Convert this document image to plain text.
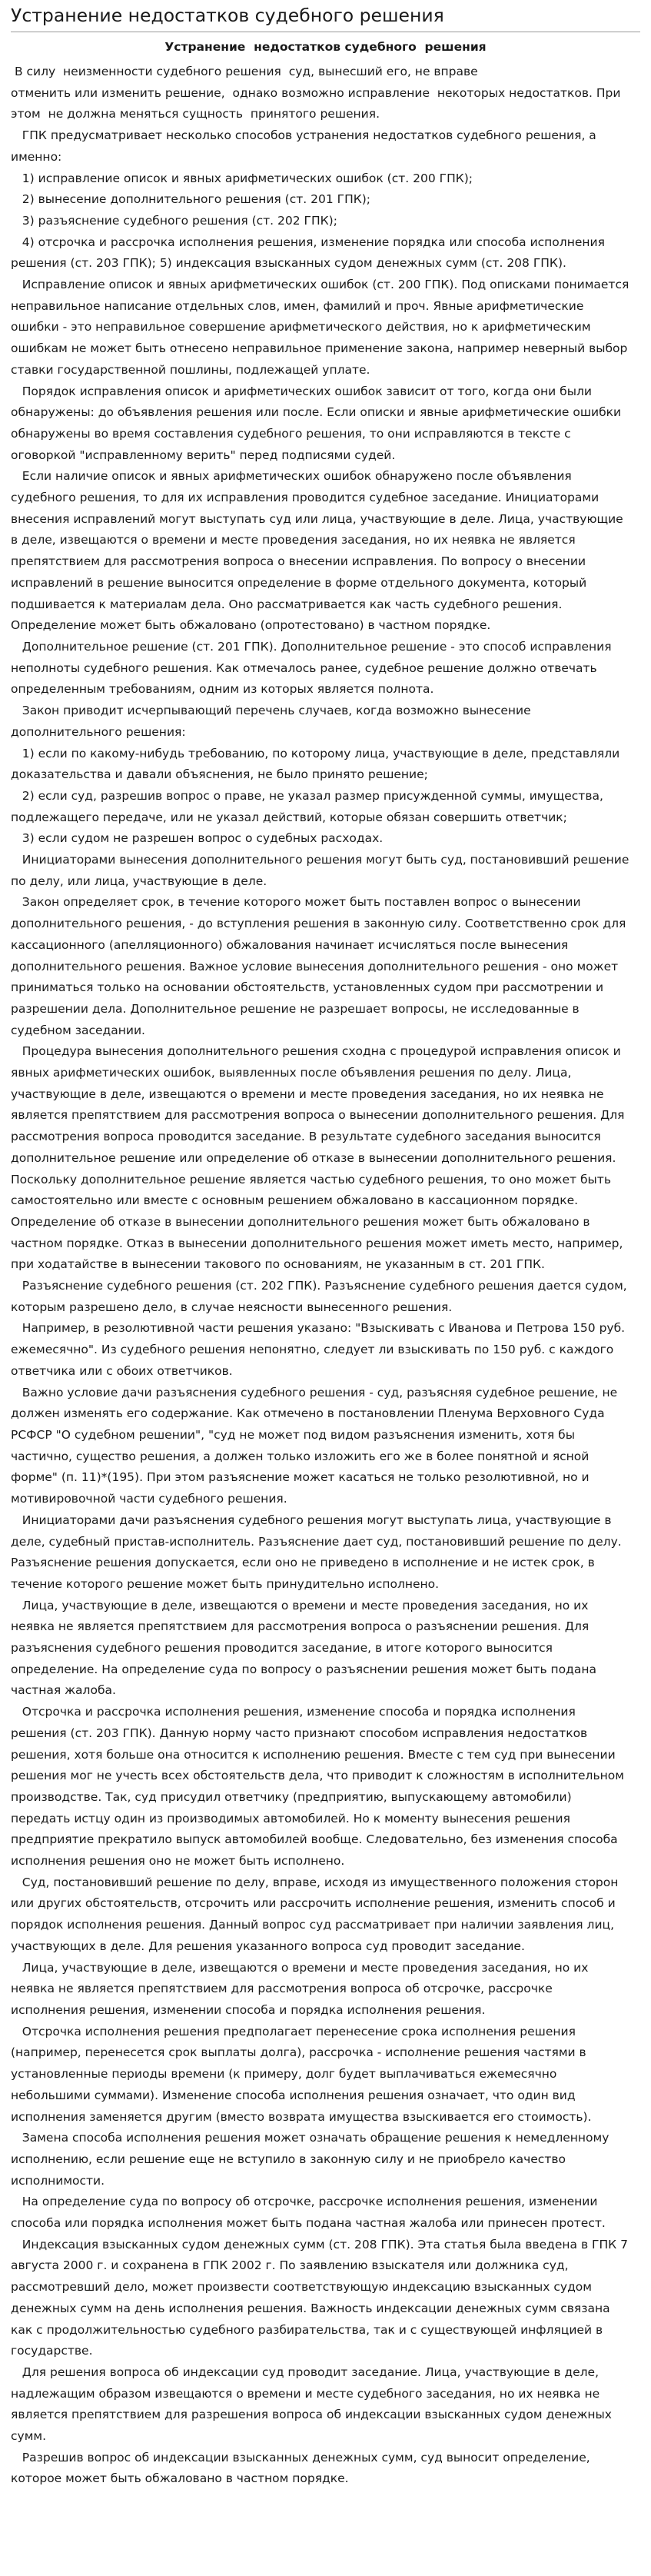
Устранение недостатков судебного решения
Устранение  недостатков судебного  решения

В силу  неизменности судебного решения  суд, вынесший его, не вправе
отменить или изменить решение,  однако возможно исправление  некоторых недостатков. При
этом  не должна меняться сущность  принятого решения.

ГПК предусматривает несколько способов устранения недостатков судебного решения, а
именно:

1) исправление описок и явных арифметических ошибок (ст. 200 ГПК);

2) вынесение дополнительного решения (ст. 201 ГПК);

3) разъяснение судебного решения (ст. 202 ГПК);

4) отсрочка и рассрочка исполнения решения, изменение порядка или способа исполнения
решения (ст. 203 ГПК); 5) индексация взысканных судом денежных сумм (ст. 208 ГПК).

Исправление описок и явных арифметических ошибок (ст. 200 ГПК). Под описками понимается
неправильное написание отдельных слов, имен, фамилий и проч. Явные арифметические
ошибки - это неправильное совершение арифметического действия, но к арифметическим
ошибкам не может быть отнесено неправильное применение закона, например неверный выбор
ставки государственной пошлины, подлежащей уплате.

Порядок исправления описок и арифметических ошибок зависит от того, когда они были
обнаружены: до объявления решения или после. Если описки и явные арифметические ошибки
обнаружены во время составления судебного решения, то они исправляются в тексте с
оговоркой "исправленному верить" перед подписями судей.

Если наличие описок и явных арифметических ошибок обнаружено после объявления
судебного решения, то для их исправления проводится судебное заседание. Инициаторами
внесения исправлений могут выступать суд или лица, участвующие в деле. Лица, участвующие
в деле, извещаются о времени и месте проведения заседания, но их неявка не является
препятствием для рассмотрения вопроса о внесении исправления. По вопросу о внесении
исправлений в решение выносится определение в форме отдельного документа, который
подшивается к материалам дела. Оно рассматривается как часть судебного решения.
Определение может быть обжаловано (опротестовано) в частном порядке.

Дополнительное решение (ст. 201 ГПК). Дополнительное решение - это способ исправления
неполноты судебного решения. Как отмечалось ранее, судебное решение должно отвечать
определенным требованиям, одним из которых является полнота.

Закон приводит исчерпывающий перечень случаев, когда возможно вынесение
дополнительного решения:

1) если по какому-нибудь требованию, по которому лица, участвующие в деле, представляли
доказательства и давали объяснения, не было принято решение;

2) если суд, разрешив вопрос о праве, не указал размер присужденной суммы, имущества,
подлежащего передаче, или не указал действий, которые обязан совершить ответчик;

3) если судом не разрешен вопрос о судебных расходах.

Инициаторами вынесения дополнительного решения могут быть суд, постановивший решение
по делу, или лица, участвующие в деле.

Закон определяет срок, в течение которого может быть поставлен вопрос о вынесении
дополнительного решения, - до вступления решения в законную силу. Соответственно срок для
кассационного (апелляционного) обжалования начинает исчисляться после вынесения
дополнительного решения. Важное условие вынесения дополнительного решения - оно может
приниматься только на основании обстоятельств, установленных судом при рассмотрении и
разрешении дела. Дополнительное решение не разрешает вопросы, не исследованные в
судебном заседании.

Процедура вынесения дополнительного решения сходна с процедурой исправления описок и
явных арифметических ошибок, выявленных после объявления решения по делу. Лица,
участвующие в деле, извещаются о времени и месте проведения заседания, но их неявка не
является препятствием для рассмотрения вопроса о вынесении дополнительного решения. Для
рассмотрения вопроса проводится заседание. В результате судебного заседания выносится
дополнительное решение или определение об отказе в вынесении дополнительного решения.
Поскольку дополнительное решение является частью судебного решения, то оно может быть
самостоятельно или вместе с основным решением обжаловано в кассационном порядке.
Определение об отказе в вынесении дополнительного решения может быть обжаловано в
частном порядке. Отказ в вынесении дополнительного решения может иметь место, например,
при ходатайстве в вынесении такового по основаниям, не указанным в ст. 201 ГПК.

Разъяснение судебного решения (ст. 202 ГПК). Разъяснение судебного решения дается судом,
которым разрешено дело, в случае неясности вынесенного решения.

Например, в резолютивной части решения указано: "Взыскивать с Иванова и Петрова 150 руб.
ежемесячно". Из судебного решения непонятно, следует ли взыскивать по 150 руб. с каждого
ответчика или с обоих ответчиков.

Важно условие дачи разъяснения судебного решения - суд, разъясняя судебное решение, не
должен изменять его содержание. Как отмечено в постановлении Пленума Верховного Суда
РСФСР "О судебном решении", "суд не может под видом разъяснения изменить, хотя бы
частично, существо решения, а должен только изложить его же в более понятной и ясной
форме" (п. 11)*(195). При этом разъяснение может касаться не только резолютивной, но и
мотивировочной части судебного решения.

Инициаторами дачи разъяснения судебного решения могут выступать лица, участвующие в
деле, судебный пристав-исполнитель. Разъяснение дает суд, постановивший решение по делу.
Разъяснение решения допускается, если оно не приведено в исполнение и не истек срок, в
течение которого решение может быть принудительно исполнено.

Лица, участвующие в деле, извещаются о времени и месте проведения заседания, но их
неявка не является препятствием для рассмотрения вопроса о разъяснении решения. Для
разъяснения судебного решения проводится заседание, в итоге которого выносится
определение. На определение суда по вопросу о разъяснении решения может быть подана
частная жалоба.

Отсрочка и рассрочка исполнения решения, изменение способа и порядка исполнения
решения (ст. 203 ГПК). Данную норму часто признают способом исправления недостатков
решения, хотя больше она относится к исполнению решения. Вместе с тем суд при вынесении
решения мог не учесть всех обстоятельств дела, что приводит к сложностям в исполнительном
производстве. Так, суд присудил ответчику (предприятию, выпускающему автомобили)
передать истцу один из производимых автомобилей. Но к моменту вынесения решения
предприятие прекратило выпуск автомобилей вообще. Следовательно, без изменения способа
исполнения решения оно не может быть исполнено.

Суд, постановивший решение по делу, вправе, исходя из имущественного положения сторон
или других обстоятельств, отсрочить или рассрочить исполнение решения, изменить способ и
порядок исполнения решения. Данный вопрос суд рассматривает при наличии заявления лиц,
участвующих в деле. Для решения указанного вопроса суд проводит заседание.

Лица, участвующие в деле, извещаются о времени и месте проведения заседания, но их
неявка не является препятствием для рассмотрения вопроса об отсрочке, рассрочке
исполнения решения, изменении способа и порядка исполнения решения.

Отсрочка исполнения решения предполагает перенесение срока исполнения решения
(например, перенесется срок выплаты долга), рассрочка - исполнение решения частями в
установленные периоды времени (к примеру, долг будет выплачиваться ежемесячно
небольшими суммами). Изменение способа исполнения решения означает, что один вид
исполнения заменяется другим (вместо возврата имущества взыскивается его стоимость).

Замена способа исполнения решения может означать обращение решения к немедленному
исполнению, если решение еще не вступило в законную силу и не приобрело качество
исполнимости.

На определение суда по вопросу об отсрочке, рассрочке исполнения решения, изменении
способа или порядка исполнения может быть подана частная жалоба или принесен протест.

Индексация взысканных судом денежных сумм (ст. 208 ГПК). Эта статья была введена в ГПК 7
августа 2000 г. и сохранена в ГПК 2002 г. По заявлению взыскателя или должника суд,
рассмотревший дело, может произвести соответствующую индексацию взысканных судом
денежных сумм на день исполнения решения. Важность индексации денежных сумм связана
как с продолжительностью судебного разбирательства, так и с существующей инфляцией в
государстве.

Для решения вопроса об индексации суд проводит заседание. Лица, участвующие в деле,
надлежащим образом извещаются о времени и месте судебного заседания, но их неявка не
является препятствием для разрешения вопроса об индексации взысканных судом денежных
сумм.

Разрешив вопрос об индексации взысканных денежных сумм, суд выносит определение,
которое может быть обжаловано в частном порядке.
